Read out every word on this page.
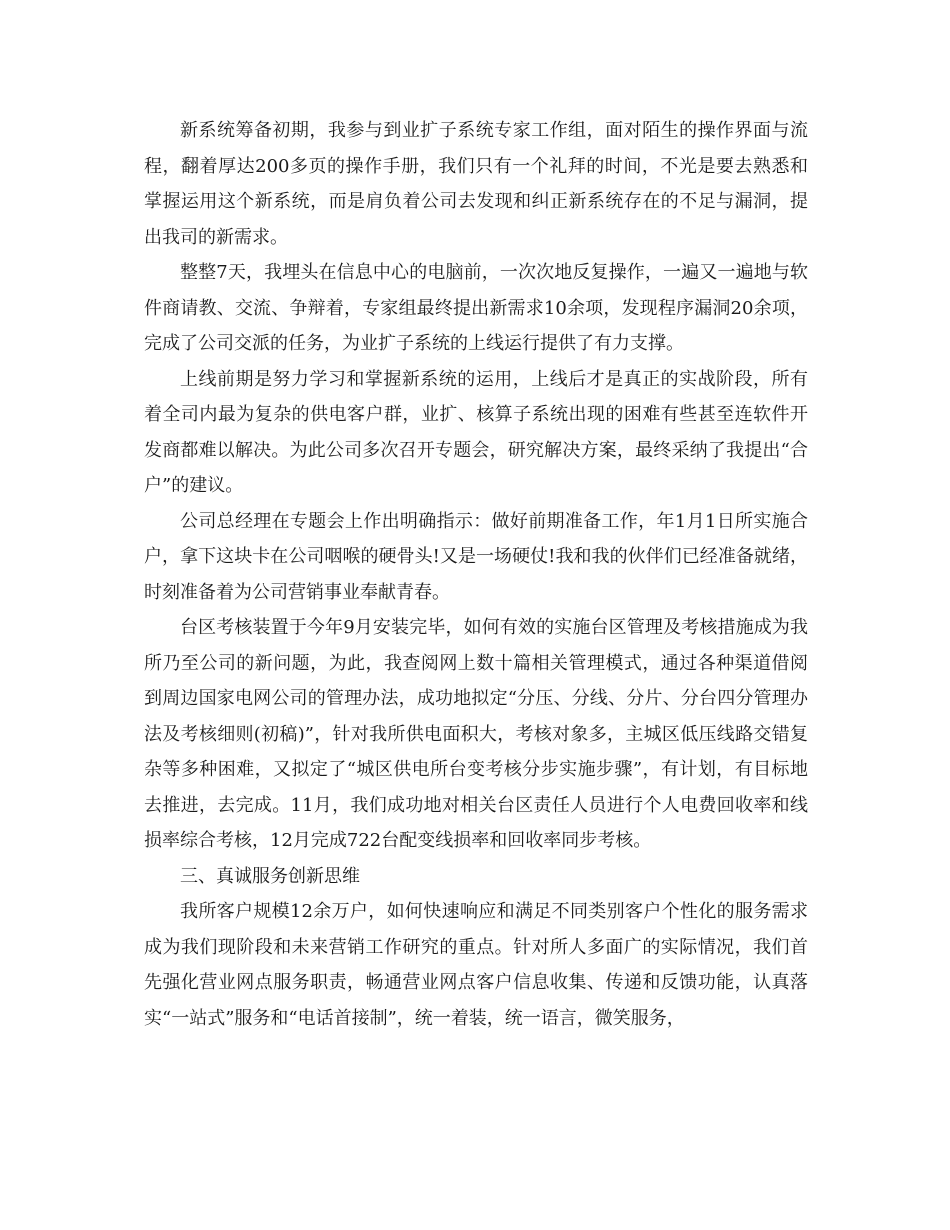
新系统筹备初期，我参与到业扩子系统专家工作组，面对陌生的操作界面与流程，翻着厚达200多页的操作手册，我们只有一个礼拜的时间，不光是要去熟悉和掌握运用这个新系统，而是肩负着公司去发现和纠正新系统存在的不足与漏洞，提出我司的新需求。

整整7天，我埋头在信息中心的电脑前，一次次地反复操作，一遍又一遍地与软件商请教、交流、争辩着，专家组最终提出新需求10余项，发现程序漏洞20余项，完成了公司交派的任务，为业扩子系统的上线运行提供了有力支撑。

上线前期是努力学习和掌握新系统的运用，上线后才是真正的实战阶段，所有着全司内最为复杂的供电客户群，业扩、核算子系统出现的困难有些甚至连软件开发商都难以解决。为此公司多次召开专题会，研究解决方案，最终采纳了我提出“合户”的建议。

公司总经理在专题会上作出明确指示：做好前期准备工作，年1月1日所实施合户，拿下这块卡在公司咽喉的硬骨头!又是一场硬仗!我和我的伙伴们已经准备就绪，时刻准备着为公司营销事业奉献青春。

台区考核装置于今年9月安装完毕，如何有效的实施台区管理及考核措施成为我所乃至公司的新问题，为此，我查阅网上数十篇相关管理模式，通过各种渠道借阅到周边国家电网公司的管理办法，成功地拟定“分压、分线、分片、分台四分管理办法及考核细则(初稿)”，针对我所供电面积大，考核对象多，主城区低压线路交错复杂等多种困难，又拟定了“城区供电所台变考核分步实施步骤”，有计划，有目标地去推进，去完成。11月，我们成功地对相关台区责任人员进行个人电费回收率和线损率综合考核，12月完成722台配变线损率和回收率同步考核。

三、真诚服务创新思维

我所客户规模12余万户，如何快速响应和满足不同类别客户个性化的服务需求成为我们现阶段和未来营销工作研究的重点。针对所人多面广的实际情况，我们首先强化营业网点服务职责，畅通营业网点客户信息收集、传递和反馈功能，认真落实“一站式”服务和“电话首接制”，统一着装，统一语言，微笑服务，
